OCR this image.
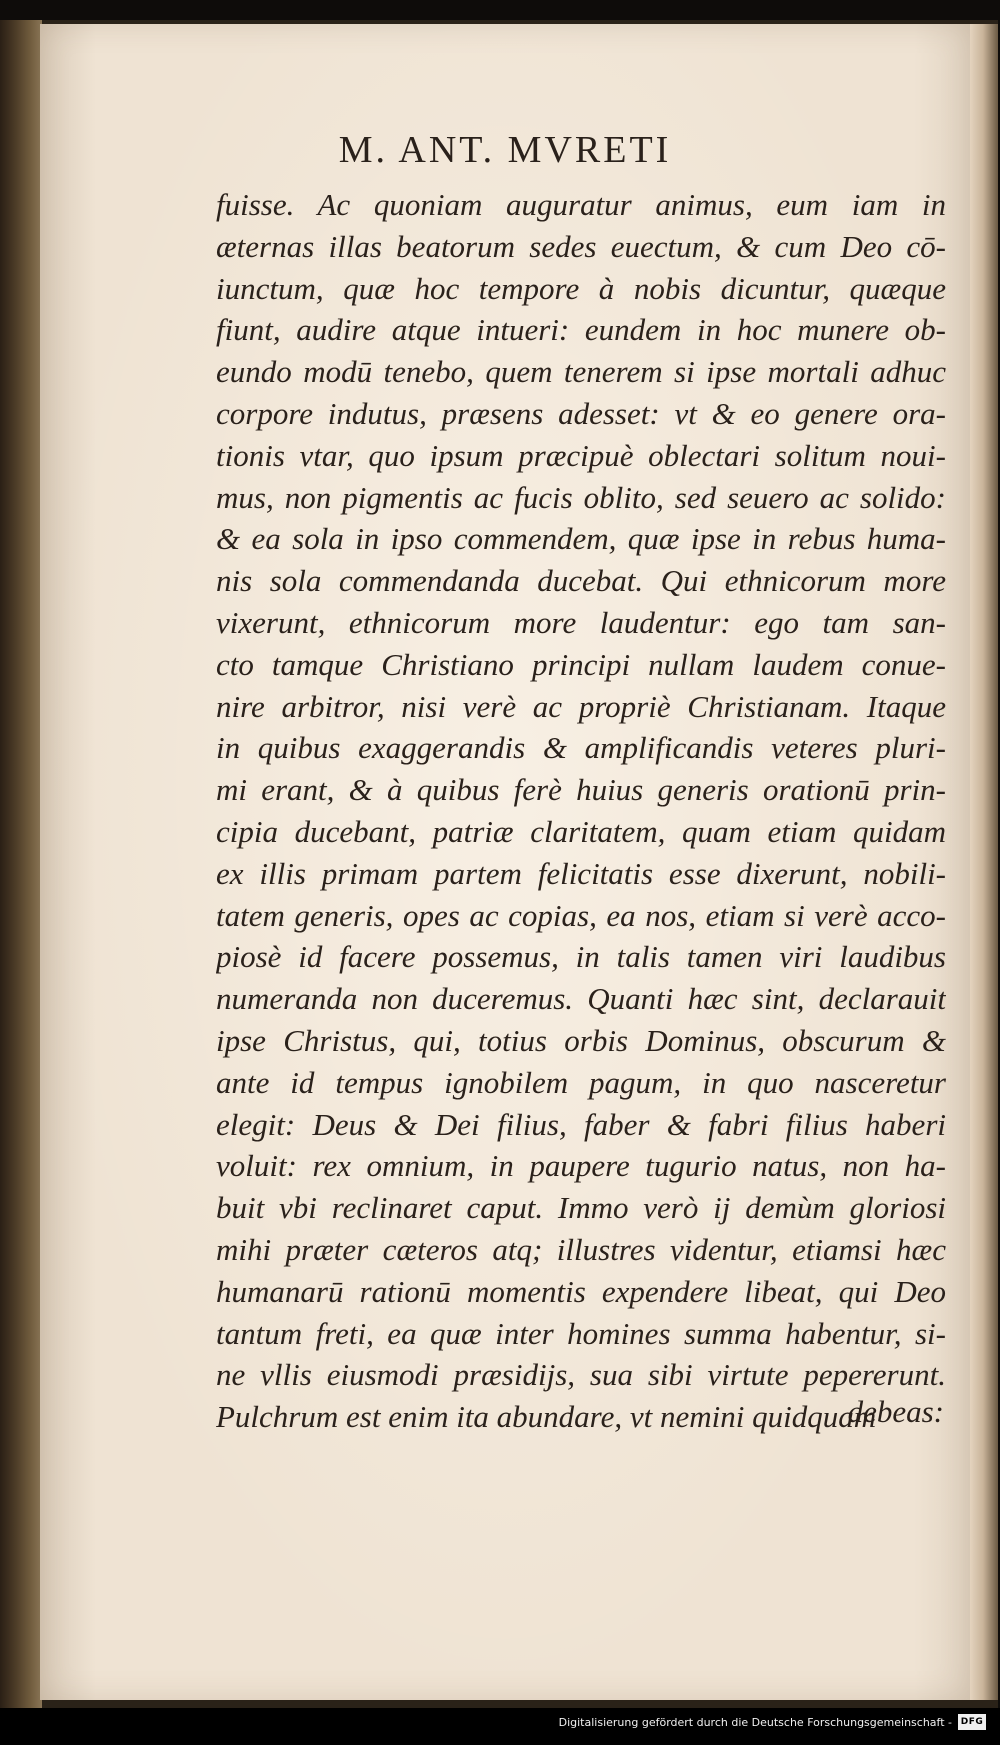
M. ANT. MVRETI
fuisse. Ac quoniam auguratur animus, eum iam in
æternas illas beatorum sedes euectum, & cum Deo cō-
iunctum, quæ hoc tempore à nobis dicuntur, quæque
fiunt, audire atque intueri: eundem in hoc munere ob-
eundo modū tenebo, quem tenerem si ipse mortali adhuc
corpore indutus, præsens adesset: vt & eo genere ora-
tionis vtar, quo ipsum præcipuè oblectari solitum noui-
mus, non pigmentis ac fucis oblito, sed seuero ac solido:
& ea sola in ipso commendem, quæ ipse in rebus huma-
nis sola commendanda ducebat. Qui ethnicorum more
vixerunt, ethnicorum more laudentur: ego tam san-
cto tamque Christiano principi nullam laudem conue-
nire arbitror, nisi verè ac propriè Christianam. Itaque
in quibus exaggerandis & amplificandis veteres pluri-
mi erant, & à quibus ferè huius generis orationū prin-
cipia ducebant, patriæ claritatem, quam etiam quidam
ex illis primam partem felicitatis esse dixerunt, nobili-
tatem generis, opes ac copias, ea nos, etiam si verè acco-
piosè id facere possemus, in talis tamen viri laudibus
numeranda non duceremus. Quanti hæc sint, declarauit
ipse Christus, qui, totius orbis Dominus, obscurum &
ante id tempus ignobilem pagum, in quo nasceretur
elegit: Deus & Dei filius, faber & fabri filius haberi
voluit: rex omnium, in paupere tugurio natus, non ha-
buit vbi reclinaret caput. Immo verò ij demùm gloriosi
mihi præter cæteros atq; illustres videntur, etiamsi hæc
humanarū rationū momentis expendere libeat, qui Deo
tantum freti, ea quæ inter homines summa habentur, si-
ne vllis eiusmodi præsidijs, sua sibi virtute pepererunt.
Pulchrum est enim ita abundare, vt nemini quidquam
debeas:
Digitalisierung gefördert durch die Deutsche Forschungsgemeinschaft - DFG
